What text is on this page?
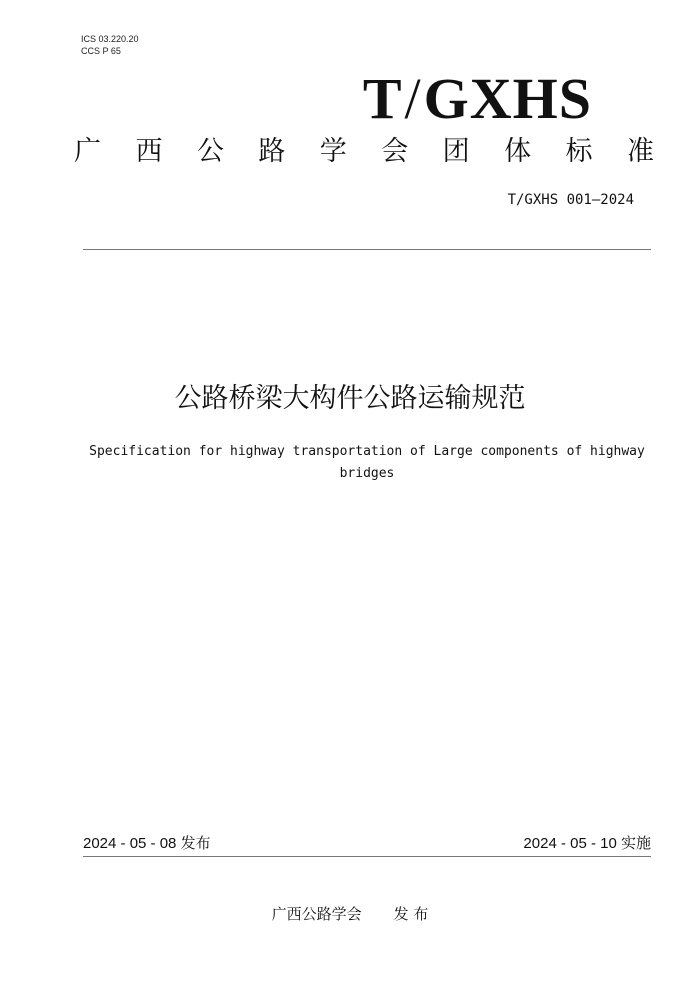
ICS 03.220.20
CCS P 65
T/GXHS
广 西 公 路 学 会 团 体 标 准
T/GXHS 001—2024
公路桥梁大构件公路运输规范
Specification for highway transportation of Large components of highway bridges
2024 - 05 - 08 发布	2024 - 05 - 10 实施
广西公路学会 发 布
